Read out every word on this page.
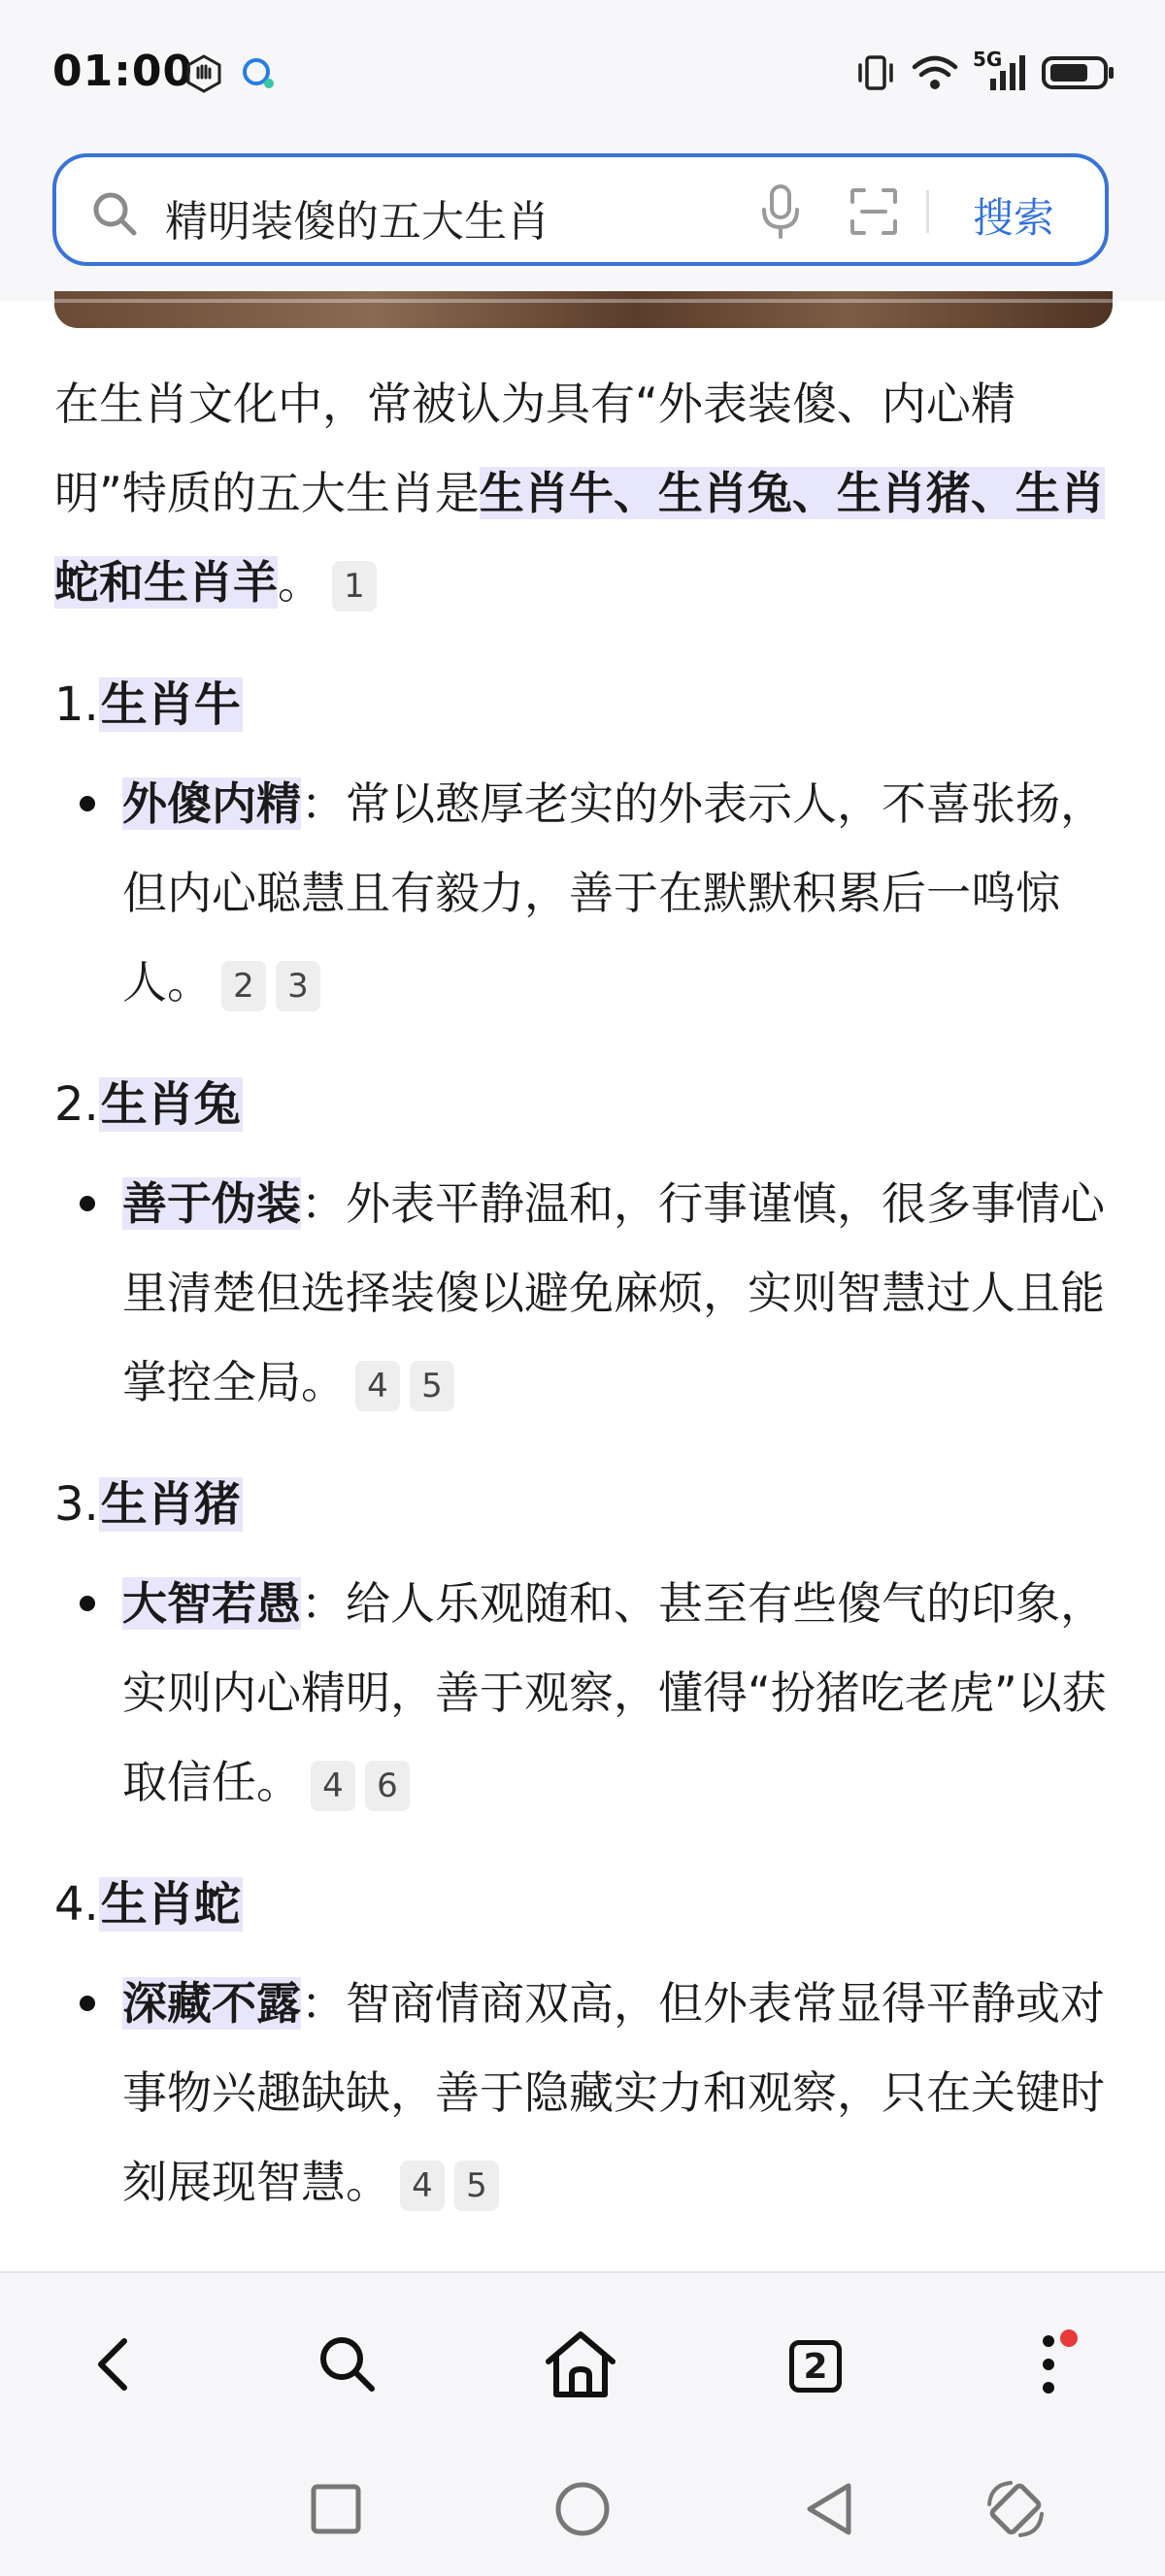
01:00	5G
精明装傻的五大生肖	搜索

在生肖文化中，常被认为具有“外表装傻、内心精明”特质的五大生肖是生肖牛、生肖兔、生肖猪、生肖蛇和生肖羊。 1

1.生肖牛

外傻内精：常以憨厚老实的外表示人，不喜张扬，但内心聪慧且有毅力，善于在默默积累后一鸣惊人。 2 3

2.生肖兔

善于伪装：外表平静温和，行事谨慎，很多事情心里清楚但选择装傻以避免麻烦，实则智慧过人且能掌控全局。 4 5

3.生肖猪

大智若愚：给人乐观随和、甚至有些傻气的印象，实则内心精明，善于观察，懂得“扮猪吃老虎”以获取信任。 4 6

4.生肖蛇

深藏不露：智商情商双高，但外表常显得平静或对事物兴趣缺缺，善于隐藏实力和观察，只在关键时刻展现智慧。 4 5
2
